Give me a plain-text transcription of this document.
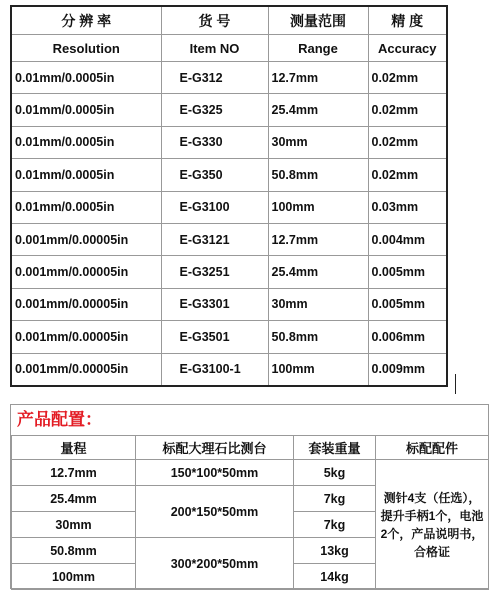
分 辨 率	货 号	测量范围	精 度
Resolution	Item NO	Range	Accuracy
0.01mm/0.0005in	E-G312	12.7mm	0.02mm
0.01mm/0.0005in	E-G325	25.4mm	0.02mm
0.01mm/0.0005in	E-G330	30mm	0.02mm
0.01mm/0.0005in	E-G350	50.8mm	0.02mm
0.01mm/0.0005in	E-G3100	100mm	0.03mm
0.001mm/0.00005in	E-G3121	12.7mm	0.004mm
0.001mm/0.00005in	E-G3251	25.4mm	0.005mm
0.001mm/0.00005in	E-G3301	30mm	0.005mm
0.001mm/0.00005in	E-G3501	50.8mm	0.006mm
0.001mm/0.00005in	E-G3100-1	100mm	0.009mm
产品配置：
量程	标配大理石比测台	套装重量	标配配件
12.7mm	150*100*50mm	5kg	测针4支（任选），提升手柄1个，电池2个，产品说明书，合格证
25.4mm	200*150*50mm	7kg	
30mm		7kg	
50.8mm	300*200*50mm	13kg	
100mm		14kg	
